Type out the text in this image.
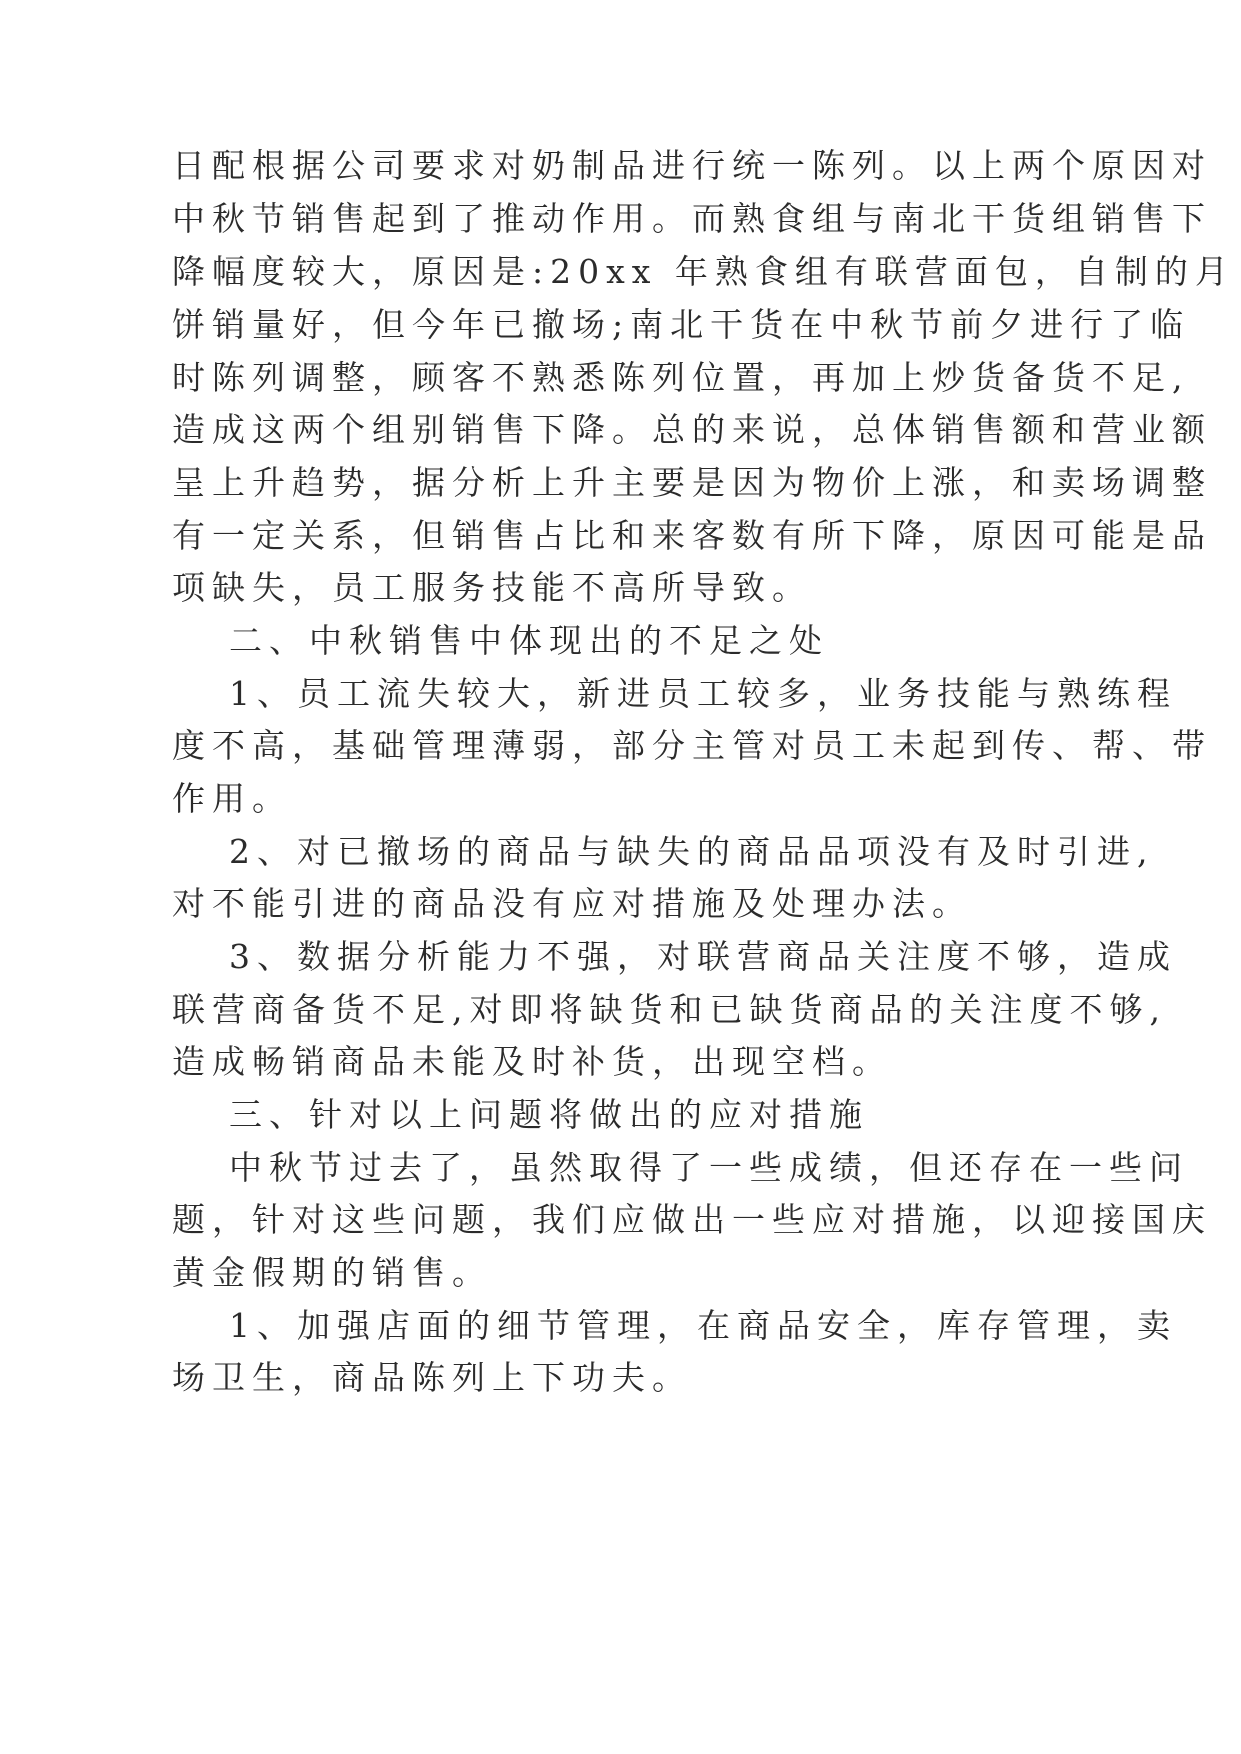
日配根据公司要求对奶制品进行统一陈列。以上两个原因对
中秋节销售起到了推动作用。而熟食组与南北干货组销售下
降幅度较大，原因是:20xx 年熟食组有联营面包，自制的月
饼销量好，但今年已撤场;南北干货在中秋节前夕进行了临
时陈列调整，顾客不熟悉陈列位置，再加上炒货备货不足,
造成这两个组别销售下降。总的来说，总体销售额和营业额
呈上升趋势，据分析上升主要是因为物价上涨，和卖场调整
有一定关系，但销售占比和来客数有所下降，原因可能是品
项缺失，员工服务技能不高所导致。
二、中秋销售中体现出的不足之处
1、员工流失较大，新进员工较多，业务技能与熟练程
度不高，基础管理薄弱，部分主管对员工未起到传、帮、带
作用。
2、对已撤场的商品与缺失的商品品项没有及时引进,
对不能引进的商品没有应对措施及处理办法。
3、数据分析能力不强，对联营商品关注度不够，造成
联营商备货不足,对即将缺货和已缺货商品的关注度不够,
造成畅销商品未能及时补货，出现空档。
三、针对以上问题将做出的应对措施
中秋节过去了，虽然取得了一些成绩，但还存在一些问
题，针对这些问题，我们应做出一些应对措施，以迎接国庆
黄金假期的销售。
1、加强店面的细节管理，在商品安全，库存管理，卖
场卫生，商品陈列上下功夫。
